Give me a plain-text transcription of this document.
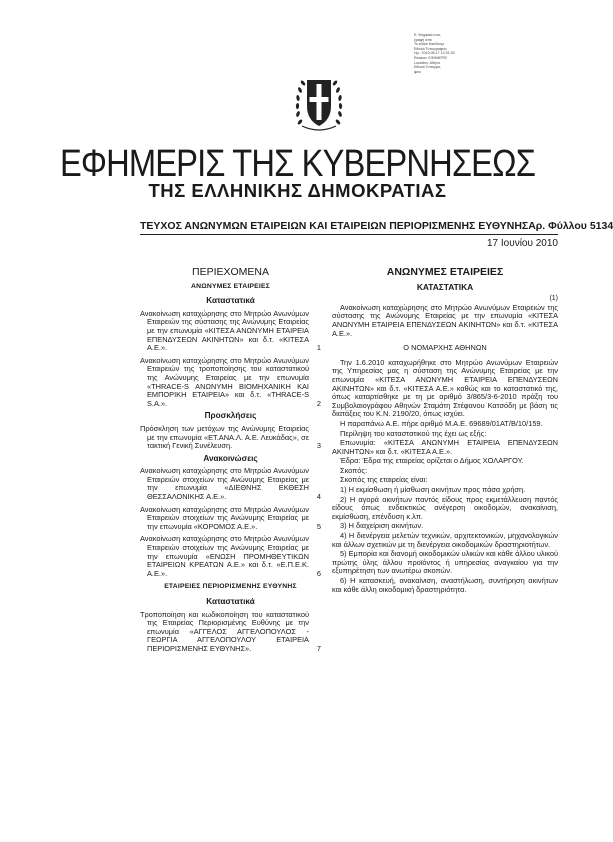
Ε. Ψηφιακά υπο-
γραφή από
Το ειδικό Κατάλογο
Εθνικό Τυπογραφείο
Ημ.: 2010.06.17 12:31:30
Reason: ΕΦΗΜΕΡΙΣ
Location: Αθήνα
Εθνικό Τυπογρα-
φείο
ΕΦΗΜΕΡΙΣ ΤΗΣ ΚΥΒΕΡΝΗΣΕΩΣ
ΤΗΣ ΕΛΛΗΝΙΚΗΣ ΔΗΜΟΚΡΑΤΙΑΣ
ΤΕΥΧΟΣ ΑΝΩΝΥΜΩΝ ΕΤΑΙΡΕΙΩΝ ΚΑΙ ΕΤΑΙΡΕΙΩΝ ΠΕΡΙΟΡΙΣΜΕΝΗΣ ΕΥΘΥΝΗΣ Αρ. Φύλλου 5134
17 Ιουνίου 2010
ΠΕΡΙΕΧΟΜΕΝΑ
ΑΝΩΝΥΜΕΣ ΕΤΑΙΡΕΙΕΣ
Καταστατικά
Ανακοίνωση καταχώρησης στο Μητρώο Ανωνύμων Εταιρειών της σύστασης της Ανώνυμης Εταιρείας με την επωνυμία «ΚΙΤΕΣΑ ΑΝΩΝΥΜΗ ΕΤΑΙΡΕΙΑ ΕΠΕΝΔΥΣΕΩΝ ΑΚΙΝΗΤΩΝ» και δ.τ. «ΚΙΤΕΣΑ Α.Ε.».	1
Ανακοίνωση καταχώρησης στο Μητρώο Ανωνύμων Εταιρειών της τροποποίησης του καταστατικού της Ανώνυμης Εταιρείας με την επωνυμία «THRACE-S ΑΝΩΝΥΜΗ ΒΙΟΜΗΧΑΝΙΚΗ ΚΑΙ ΕΜΠΟΡΙΚΗ ΕΤΑΙΡΕΙΑ» και δ.τ. «THRACE-S S.A.».	2
Προσκλήσεις
Πρόσκληση των μετόχων της Ανώνυμης Εταιρείας με την επωνυμία «ΕΤ.ΑΝΑ.Λ. Α.Ε. Λευκάδας», σε τακτική Γενική Συνέλευση.	3
Ανακοινώσεις
Ανακοίνωση καταχώρησης στο Μητρώο Ανωνύμων Εταιρειών στοιχείων της Ανώνυμης Εταιρείας με την επωνυμία «ΔΙΕΘΝΗΣ ΕΚΘΕΣΗ ΘΕΣΣΑΛΟΝΙΚΗΣ Α.Ε.».	4
Ανακοίνωση καταχώρησης στο Μητρώο Ανωνύμων Εταιρειών στοιχείων της Ανώνυμης Εταιρείας με την επωνυμία «ΚΟΡΟΜΟΣ Α.Ε.».	5
Ανακοίνωση καταχώρησης στο Μητρώο Ανωνύμων Εταιρειών στοιχείων της Ανώνυμης Εταιρείας με την επωνυμία «ΕΝΩΣΗ ΠΡΟΜΗΘΕΥΤΙΚΩΝ ΕΤΑΙΡΕΙΩΝ ΚΡΕΑΤΩΝ Α.Ε.» και δ.τ. «Ε.Π.Ε.Κ. Α.Ε.».	6
ΕΤΑΙΡΕΙΕΣ ΠΕΡΙΟΡΙΣΜΕΝΗΣ ΕΥΘΥΝΗΣ
Καταστατικά
Τροποποίηση και κωδικοποίηση του καταστατικού της Εταιρείας Περιορισμένης Ευθύνης με την επωνυμία «ΑΓΓΕΛΟΣ ΑΓΓΕΛΟΠΟΥΛΟΣ - ΓΕΩΡΓΙΑ ΑΓΓΕΛΟΠΟΥΛΟΥ ΕΤΑΙΡΕΙΑ ΠΕΡΙΟΡΙΣΜΕΝΗΣ ΕΥΘΥΝΗΣ».	7
ΑΝΩΝΥΜΕΣ ΕΤΑΙΡΕΙΕΣ
ΚΑΤΑΣΤΑΤΙΚΑ
(1)
Ανακοίνωση καταχώρησης στο Μητρώο Ανωνύμων Εταιρειών της σύστασης της Ανώνυμης Εταιρείας με την επωνυμία «ΚΙΤΕΣΑ ΑΝΩΝΥΜΗ ΕΤΑΙΡΕΙΑ ΕΠΕΝΔΥΣΕΩΝ ΑΚΙΝΗΤΩΝ» και δ.τ. «ΚΙΤΕΣΑ Α.Ε.».
Ο ΝΟΜΑΡΧΗΣ ΑΘΗΝΩΝ
Την 1.6.2010 καταχωρήθηκε στο Μητρώο Ανωνύμων Εταιρειών της Υπηρεσίας μας η σύσταση της Ανώνυμης Εταιρείας με την επωνυμία «ΚΙΤΕΣΑ ΑΝΩΝΥΜΗ ΕΤΑΙΡΕΙΑ ΕΠΕΝΔΥΣΕΩΝ ΑΚΙΝΗΤΩΝ» και δ.τ. «ΚΙΤΕΣΑ Α.Ε.» καθώς και το καταστατικό της, όπως καταρτίσθηκε με τη με αριθμό 3/865/3-6-2010 πράξη του Συμβολαιογράφου Αθηνών Σταμάτη Στέφανου Κατσόδη με βάση τις διατάξεις του Κ.Ν. 2190/20, όπως ισχύει.
Η παραπάνω Α.Ε. πήρε αριθμό Μ.Α.Ε. 69689/01ΑΤ/Β/10/159.
Περίληψη του καταστατικού της έχει ως εξής:
Επωνυμία: «ΚΙΤΕΣΑ ΑΝΩΝΥΜΗ ΕΤΑΙΡΕΙΑ ΕΠΕΝΔΥΣΕΩΝ ΑΚΙΝΗΤΩΝ» και δ.τ. «ΚΙΤΕΣΑ Α.Ε.».
Έδρα: Έδρα της εταιρείας ορίζεται ο Δήμος ΧΟΛΑΡΓΟΥ.
Σκοπός:
Σκοπός της εταιρείας είναι:
1) Η εκμίσθωση ή μίσθωση ακινήτων προς πάσα χρήση.
2) Η αγορά ακινήτων παντός είδους προς εκμετάλλευση παντός είδους όπως ενδεικτικώς ανέγερση οικοδομών, ανακαίνιση, εκμίσθωση, επένδυση κ.λπ.
3) Η διαχείριση ακινήτων.
4) Η διενέργεια μελετών τεχνικών, αρχιτεκτονικών, μηχανολογικών και άλλων σχετικών με τη διενέργεια οικοδομικών δραστηριοτήτων.
5) Εμπορία και διανομή οικοδομικών υλικών και κάθε άλλου υλικού πρώτης ύλης άλλου προϊόντος ή υπηρεσίας αναγκαίου για την εξυπηρέτηση των ανωτέρω σκοπών.
6) Η κατασκευή, ανακαίνιση, αναστήλωση, συντήρηση ακινήτων και κάθε άλλη οικοδομική δραστηριότητα.
